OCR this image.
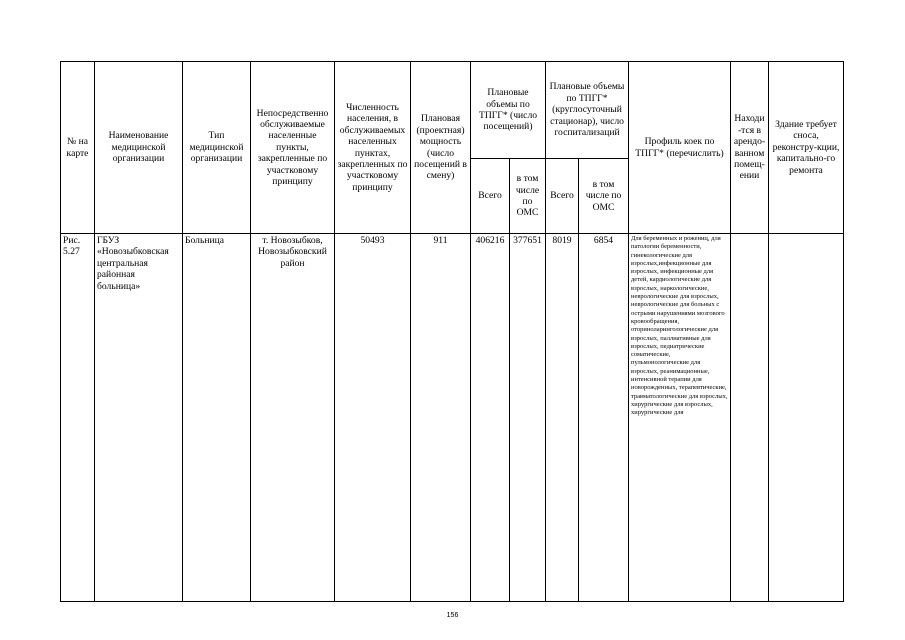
№ на карте	Наименование медицинской организации	Тип медицинской организации	Непосредственно обслуживаемые населенные пункты, закрепленные по участковому принципу	Численность населения, в обслуживаемых населенных пунктах, закрепленных по участковому принципу	Плановая (проектная) мощность (число посещений в смену)	Плановые объемы по ТПГГ* (число посещений)		Плановые объемы по ТПГГ* (круглосуточный стационар), число госпитализаций		Профиль коек по ТПГГ* (перечислить)	Находи-тся в арендо-ванном помещ-ении	Здание требует сноса, реконстру-кции, капитально-го ремонта
						Всего	в том числе по ОМС	Всего	в том числе по ОМС			
Рис. 5.27	ГБУЗ «Новозыбковская центральная районная больница»	Больница	т. Новозыбков, Новозыбковский район	50493	911	406216	377651	8019	6854	Для беременных и рожениц, для патологии беременности, гинекологические для взрослых,инфекционные для взрослых, инфекционные для детей, кардиологические для взрослых, наркологические, неврологические для взрослых, неврологические для больных с острыми нарушениями мозгового кровообращения, оториноларингологические для взрослых, паллиативные для взрослых, педиатрические соматические, пульмонологические для взрослых, реанимационные, интенсивной терапии для новорожденных, терапевтические, травматологические для взрослых, хирургические для взрослых, хирургические для		
156
